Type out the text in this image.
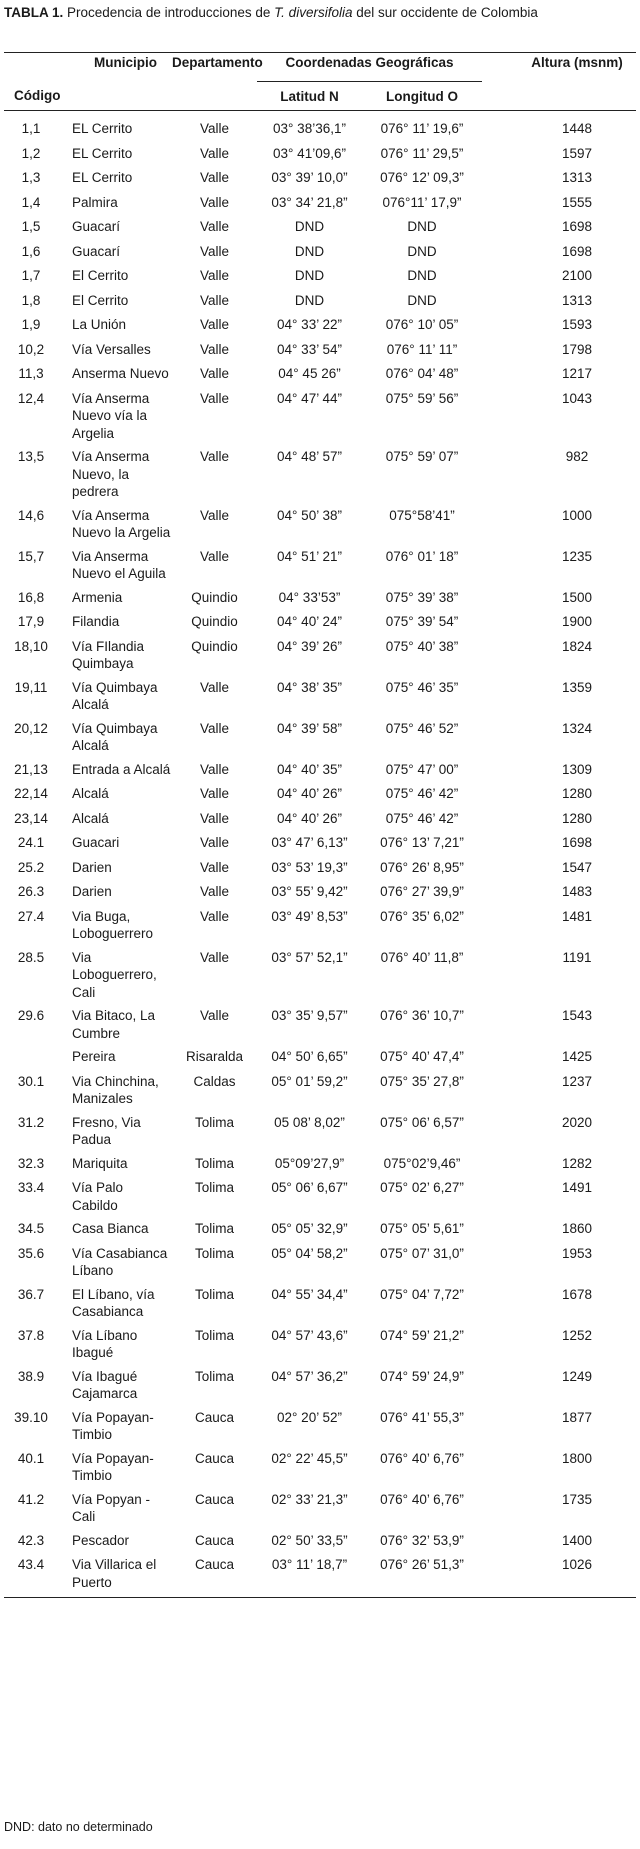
TABLA 1. Procedencia de introducciones de T. diversifolia del sur occidente de Colombia
	Municipio	Departamento	Coordenadas Geográficas		Altura (msnm)
Código			Latitud N	Longitud O	
1,1	EL Cerrito	Valle	03° 38’36,1”	076° 11’ 19,6”	1448
1,2	EL Cerrito	Valle	03° 41’09,6”	076° 11’ 29,5”	1597
1,3	EL Cerrito	Valle	03° 39’ 10,0”	076° 12’ 09,3”	1313
1,4	Palmira	Valle	03° 34’ 21,8”	076°11’ 17,9”	1555
1,5	Guacarí	Valle	DND	DND	1698
1,6	Guacarí	Valle	DND	DND	1698
1,7	El Cerrito	Valle	DND	DND	2100
1,8	El Cerrito	Valle	DND	DND	1313
1,9	La Unión	Valle	04° 33’ 22”	076° 10’ 05”	1593
10,2	Vía Versalles	Valle	04° 33’ 54”	076° 11’ 11”	1798
11,3	Anserma Nuevo	Valle	04° 45 26”	076° 04’ 48”	1217
12,4	Vía Anserma Nuevo vía la Argelia	Valle	04° 47’ 44”	075° 59’ 56”	1043
13,5	Vía Anserma Nuevo, la pedrera	Valle	04° 48’ 57”	075° 59’ 07”	982
14,6	Vía Anserma Nuevo la Argelia	Valle	04° 50’ 38”	075°58’41”	1000
15,7	Via Anserma Nuevo el Aguila	Valle	04° 51’ 21”	076° 01’ 18”	1235
16,8	Armenia	Quindio	04° 33’53”	075° 39’ 38”	1500
17,9	Filandia	Quindio	04° 40’ 24”	075° 39’ 54”	1900
18,10	Vía FIlandia Quimbaya	Quindio	04° 39’ 26”	075° 40’ 38”	1824
19,11	Vía Quimbaya Alcalá	Valle	04° 38’ 35”	075° 46’ 35”	1359
20,12	Vía Quimbaya Alcalá	Valle	04° 39’ 58”	075° 46’ 52”	1324
21,13	Entrada a Alcalá	Valle	04° 40’ 35”	075° 47’ 00”	1309
22,14	Alcalá	Valle	04° 40’ 26”	075° 46’ 42”	1280
23,14	Alcalá	Valle	04° 40’ 26”	075° 46’ 42”	1280
24.1	Guacari	Valle	03° 47’ 6,13”	076° 13’ 7,21”	1698
25.2	Darien	Valle	03° 53’ 19,3”	076° 26’ 8,95”	1547
26.3	Darien	Valle	03° 55’ 9,42”	076° 27’ 39,9”	1483
27.4	Via Buga, Loboguerrero	Valle	03° 49’ 8,53”	076° 35’ 6,02”	1481
28.5	Via Loboguerrero, Cali	Valle	03° 57’ 52,1”	076° 40’ 11,8”	1191
29.6	Via Bitaco, La Cumbre	Valle	03° 35’ 9,57”	076° 36’ 10,7”	1543
	Pereira	Risaralda	04° 50’ 6,65”	075° 40’ 47,4”	1425
30.1	Via Chinchina, Manizales	Caldas	05° 01’ 59,2”	075° 35’ 27,8”	1237
31.2	Fresno, Via Padua	Tolima	05 08’ 8,02”	075° 06’ 6,57”	2020
32.3	Mariquita	Tolima	05°09’27,9”	075°02’9,46”	1282
33.4	Vía Palo Cabildo	Tolima	05° 06’ 6,67”	075° 02’ 6,27”	1491
34.5	Casa Bianca	Tolima	05° 05’ 32,9”	075° 05’ 5,61”	1860
35.6	Vía Casabianca Líbano	Tolima	05° 04’ 58,2”	075° 07’ 31,0”	1953
36.7	El Líbano, vía Casabianca	Tolima	04° 55’ 34,4”	075° 04’ 7,72”	1678
37.8	Vía Líbano Ibagué	Tolima	04° 57’ 43,6”	074° 59’ 21,2”	1252
38.9	Vía Ibagué Cajamarca	Tolima	04° 57’ 36,2”	074° 59’ 24,9”	1249
39.10	Vía Popayan-Timbio	Cauca	02° 20’ 52”	076° 41’ 55,3”	1877
40.1	Vía Popayan-Timbio	Cauca	02° 22’ 45,5”	076° 40’ 6,76”	1800
41.2	Vía Popyan - Cali	Cauca	02° 33’ 21,3”	076° 40’ 6,76”	1735
42.3	Pescador	Cauca	02° 50’ 33,5”	076° 32’ 53,9”	1400
43.4	Via Villarica el Puerto	Cauca	03° 11’ 18,7”	076° 26’ 51,3”	1026
DND: dato no determinado
